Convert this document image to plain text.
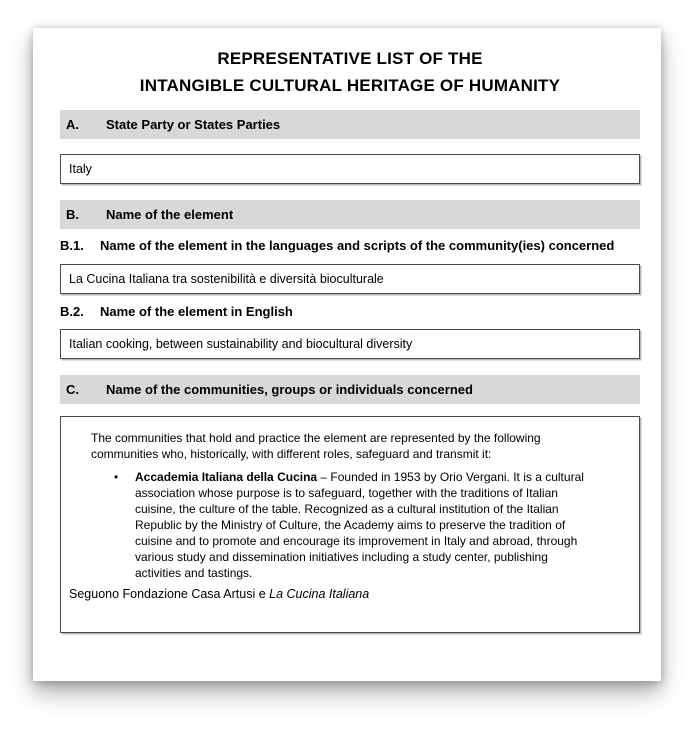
REPRESENTATIVE LIST OF THE
INTANGIBLE CULTURAL HERITAGE OF HUMANITY
A. State Party or States Parties
Italy
B. Name of the element
B.1. Name of the element in the languages and scripts of the community(ies) concerned
La Cucina Italiana tra sostenibilità e diversità bioculturale
B.2. Name of the element in English
Italian cooking, between sustainability and biocultural diversity
C. Name of the communities, groups or individuals concerned

The communities that hold and practice the element are represented by the following communities who, historically, with different roles, safeguard and transmit it:

•	Accademia Italiana della Cucina – Founded in 1953 by Orio Vergani. It is a cultural association whose purpose is to safeguard, together with the traditions of Italian cuisine, the culture of the table. Recognized as a cultural institution of the Italian Republic by the Ministry of Culture, the Academy aims to preserve the tradition of cuisine and to promote and encourage its improvement in Italy and abroad, through various study and dissemination initiatives including a study center, publishing activities and tastings.

Seguono Fondazione Casa Artusi e La Cucina Italiana
